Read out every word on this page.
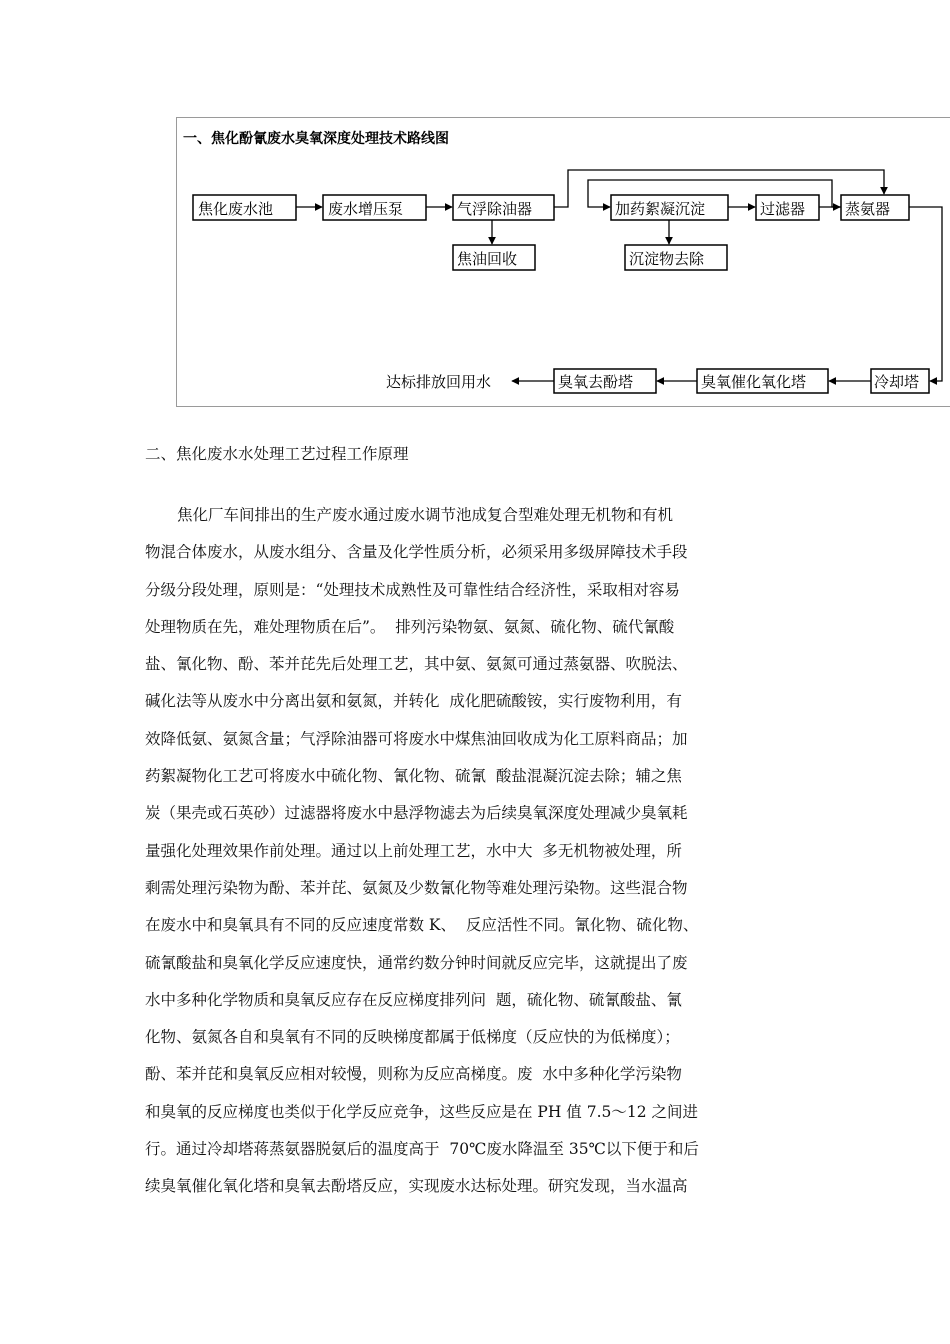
一、焦化酚氰废水臭氧深度处理技术路线图
焦化废水池	废水增压泵	气浮除油器
焦油回收
加药絮凝沉淀
沉淀物去除
过滤器	蒸氨器
冷却塔
臭氧催化氧化塔
臭氧去酚塔
达标排放回用水
二、焦化废水水处理工艺过程工作原理
焦化厂车间排出的生产废水通过废水调节池成复合型难处理无机物和有机
物混合体废水，从废水组分、含量及化学性质分析，必须采用多级屏障技术手段
分级分段处理，原则是：“处理技术成熟性及可靠性结合经济性，采取相对容易
处理物质在先，难处理物质在后”。  排列污染物氨、氨氮、硫化物、硫代氰酸
盐、氰化物、酚、苯并芘先后处理工艺，其中氨、氨氮可通过蒸氨器、吹脱法、
碱化法等从废水中分离出氨和氨氮，并转化  成化肥硫酸铵，实行废物利用，有
效降低氨、氨氮含量；气浮除油器可将废水中煤焦油回收成为化工原料商品；加
药絮凝物化工艺可将废水中硫化物、氰化物、硫氰  酸盐混凝沉淀去除；辅之焦
炭（果壳或石英砂）过滤器将废水中悬浮物滤去为后续臭氧深度处理减少臭氧耗
量强化处理效果作前处理。通过以上前处理工艺，水中大  多无机物被处理，所
剩需处理污染物为酚、苯并芘、氨氮及少数氰化物等难处理污染物。这些混合物
在废水中和臭氧具有不同的反应速度常数 K、  反应活性不同。氰化物、硫化物、
硫氰酸盐和臭氧化学反应速度快，通常约数分钟时间就反应完毕，这就提出了废
水中多种化学物质和臭氧反应存在反应梯度排列问  题，硫化物、硫氰酸盐、氰
化物、氨氮各自和臭氧有不同的反映梯度都属于低梯度（反应快的为低梯度）；
酚、苯并芘和臭氧反应相对较慢，则称为反应高梯度。废  水中多种化学污染物
和臭氧的反应梯度也类似于化学反应竞争，这些反应是在 PH 值 7.5～12 之间进
行。通过冷却塔蒋蒸氨器脱氨后的温度高于  70℃废水降温至 35℃以下便于和后
续臭氧催化氧化塔和臭氧去酚塔反应，实现废水达标处理。研究发现，当水温高
